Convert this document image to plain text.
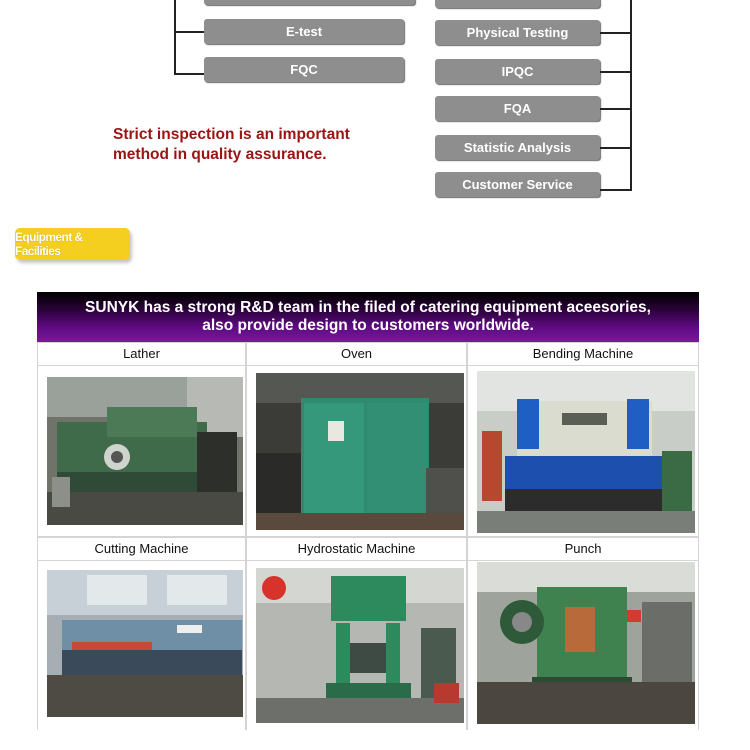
E-test
FQC
Physical Testing
IPQC
FQA
Statistic Analysis
Customer Service
Strict inspection is an important
method in quality assurance.
Equipment & Facilities
SUNYK has a strong R&D team in the filed of catering equipment aceesories,
also provide design to customers worldwide.
Lather	Oven	Bending Machine
Cutting Machine	Hydrostatic Machine	Punch
